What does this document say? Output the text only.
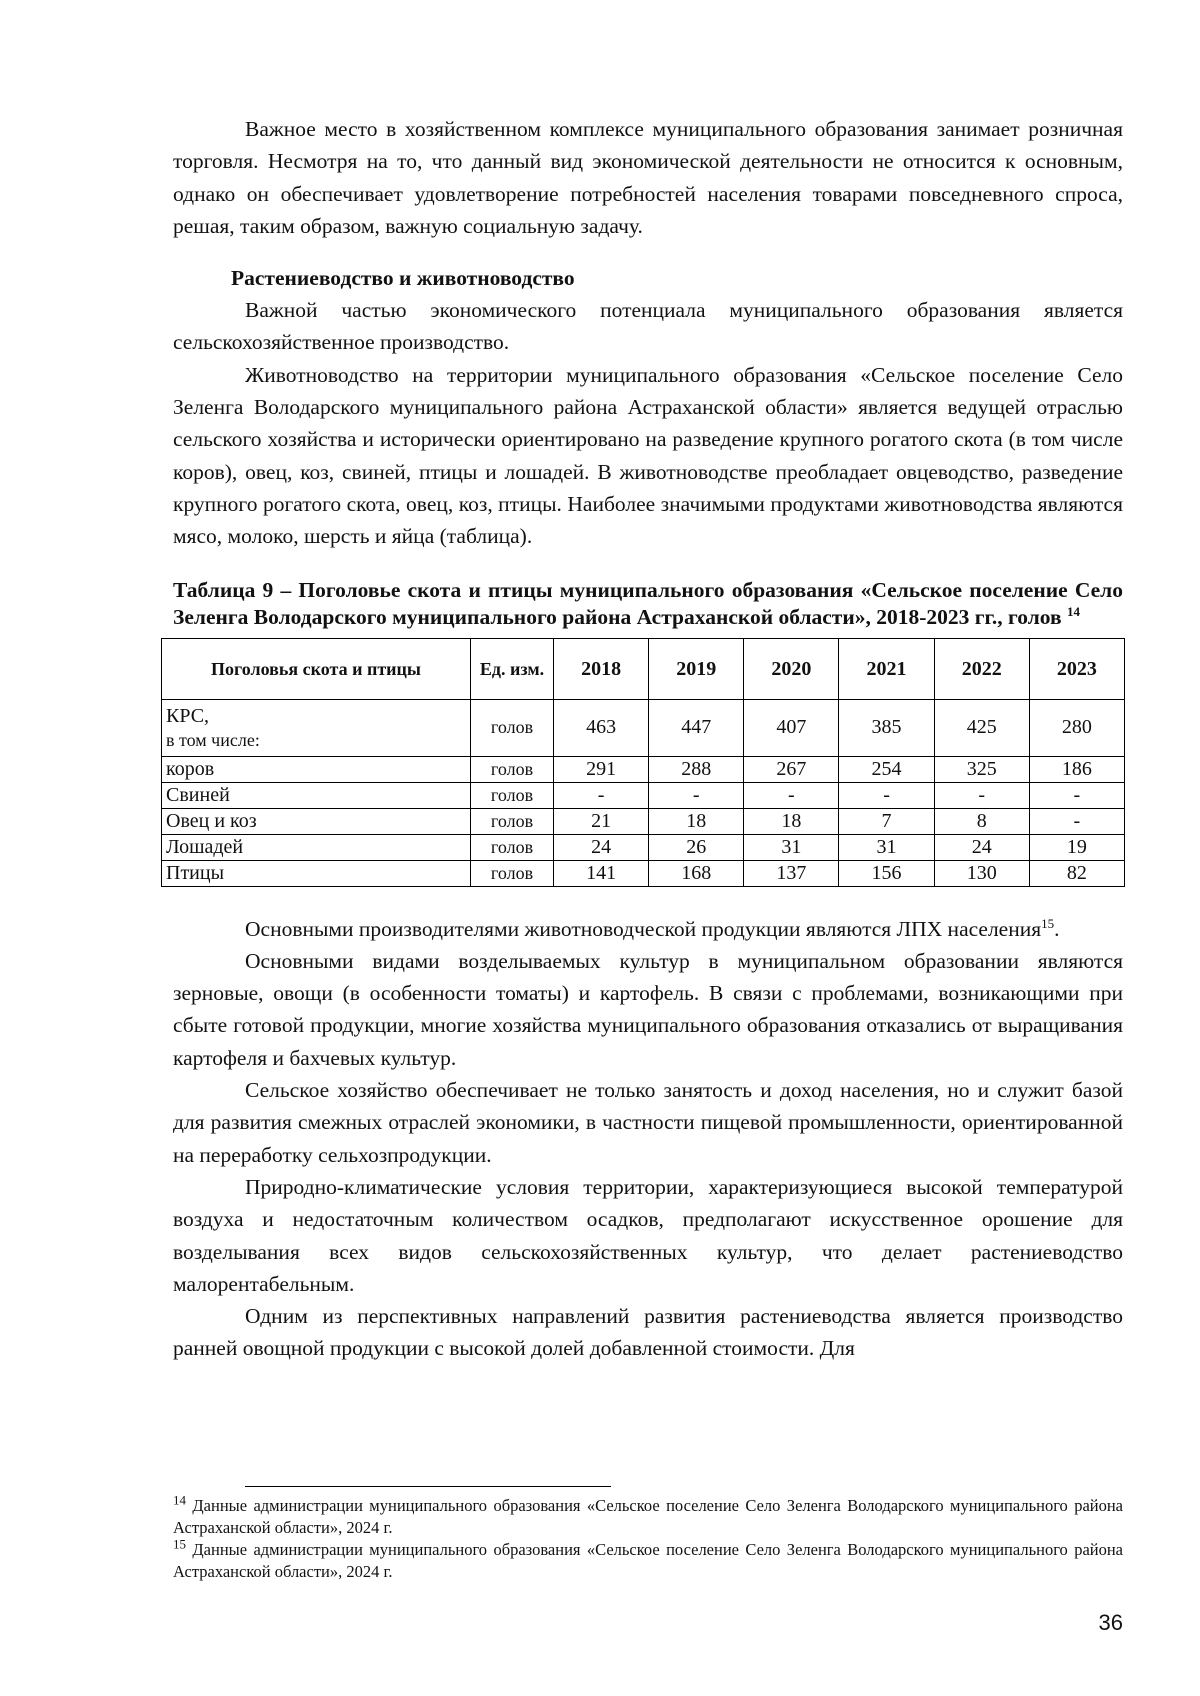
Важное место в хозяйственном комплексе муниципального образования занимает розничная торговля. Несмотря на то, что данный вид экономической деятельности не относится к основным, однако он обеспечивает удовлетворение потребностей населения товарами повседневного спроса, решая, таким образом, важную социальную задачу.

Растениеводство и животноводство

Важной частью экономического потенциала муниципального образования является сельскохозяйственное производство.

Животноводство на территории муниципального образования «Сельское поселение Село Зеленга Володарского муниципального района Астраханской области» является ведущей отраслью сельского хозяйства и исторически ориентировано на разведение крупного рогатого скота (в том числе коров), овец, коз, свиней, птицы и лошадей. В животноводстве преобладает овцеводство, разведение крупного рогатого скота, овец, коз, птицы. Наиболее значимыми продуктами животноводства являются мясо, молоко, шерсть и яйца (таблица).

Таблица 9 – Поголовье скота и птицы муниципального образования «Сельское поселение Село Зеленга Володарского муниципального района Астраханской области», 2018-2023 гг., голов $^{14}$

Поголовья скота и птицы	Ед. изм.	2018	2019	2020	2021	2022	2023

КРС,
в том числе:	голов	463	447	407	385	425	280
коров	голов	291	288	267	254	325	186
Свиней	голов	-	-	-	-	-	-
Овец и коз	голов	21	18	18	7	8	-
Лошадей	голов	24	26	31	31	24	19
Птицы	голов	141	168	137	156	130	82

Основными производителями животноводческой продукции являются ЛПХ населения$^{15}$.

Основными видами возделываемых культур в муниципальном образовании являются зерновые, овощи (в особенности томаты) и картофель. В связи с проблемами, возникающими при сбыте готовой продукции, многие хозяйства муниципального образования отказались от выращивания картофеля и бахчевых культур.

Сельское хозяйство обеспечивает не только занятость и доход населения, но и служит базой для развития смежных отраслей экономики, в частности пищевой промышленности, ориентированной на переработку сельхозпродукции.

Природно-климатические условия территории, характеризующиеся высокой температурой воздуха и недостаточным количеством осадков, предполагают искусственное орошение для возделывания всех видов сельскохозяйственных культур, что делает растениеводство малорентабельным.

Одним из перспективных направлений развития растениеводства является производство ранней овощной продукции с высокой долей добавленной стоимости. Для

$^{14}$ Данные администрации муниципального образования «Сельское поселение Село Зеленга Володарского муниципального района Астраханской области», 2024 г.

$^{15}$ Данные администрации муниципального образования «Сельское поселение Село Зеленга Володарского муниципального района Астраханской области», 2024 г.

36
